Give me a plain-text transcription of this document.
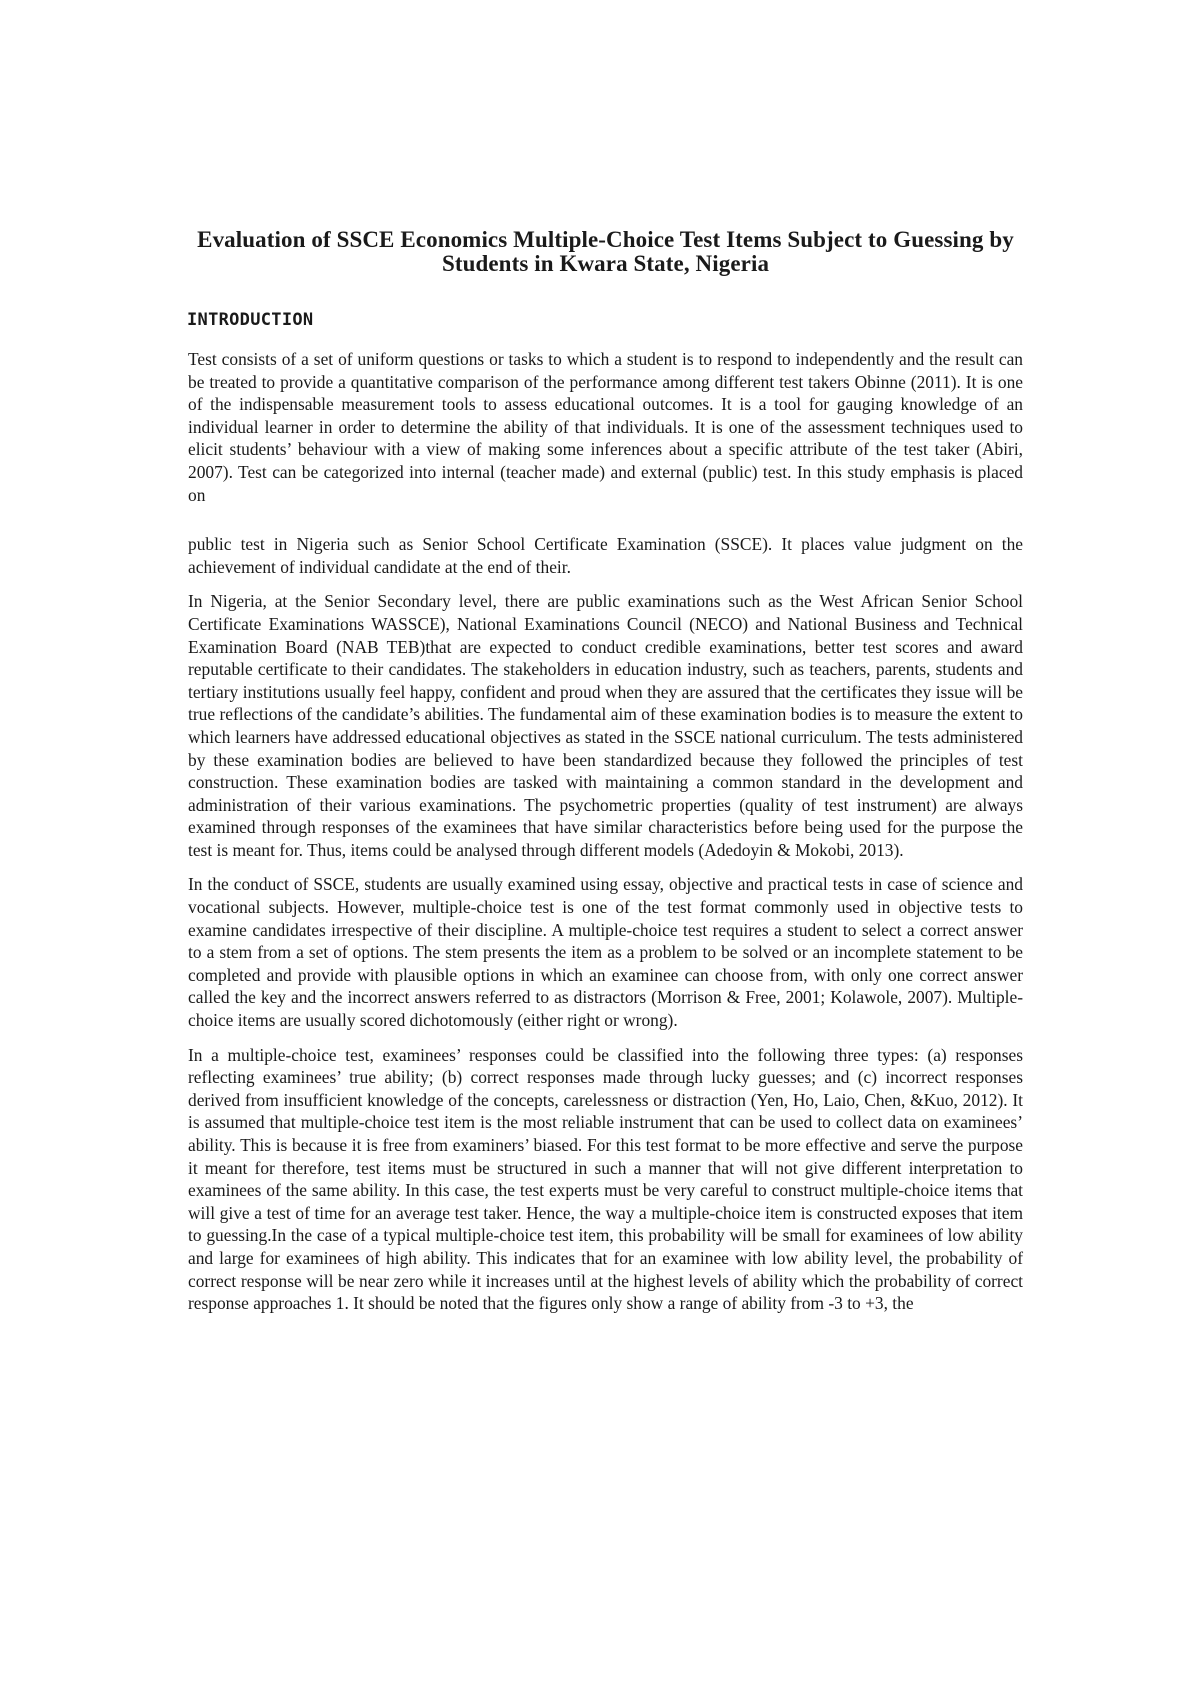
Evaluation of SSCE Economics Multiple-Choice Test Items Subject to Guessing by Students in Kwara State, Nigeria
INTRODUCTION

Test consists of a set of uniform questions or tasks to which a student is to respond to independently and the result can be treated to provide a quantitative comparison of the performance among different test takers Obinne (2011). It is one of the indispensable measurement tools to assess educational outcomes. It is a tool for gauging knowledge of an individual learner in order to determine the ability of that individuals. It is one of the assessment techniques used to elicit students’ behaviour with a view of making some inferences about a specific attribute of the test taker (Abiri, 2007). Test can be categorized into internal (teacher made) and external (public) test. In this study emphasis is placed on

public test in Nigeria such as Senior School Certificate Examination (SSCE). It places value judgment on the achievement of individual candidate at the end of their.

In Nigeria, at the Senior Secondary level, there are public examinations such as the West African Senior School Certificate Examinations WASSCE), National Examinations Council (NECO) and National Business and Technical Examination Board (NAB TEB)that are expected to conduct credible examinations, better test scores and award reputable certificate to their candidates. The stakeholders in education industry, such as teachers, parents, students and tertiary institutions usually feel happy, confident and proud when they are assured that the certificates they issue will be true reflections of the candidate’s abilities. The fundamental aim of these examination bodies is to measure the extent to which learners have addressed educational objectives as stated in the SSCE national curriculum. The tests administered by these examination bodies are believed to have been standardized because they followed the principles of test construction. These examination bodies are tasked with maintaining a common standard in the development and administration of their various examinations. The psychometric properties (quality of test instrument) are always examined through responses of the examinees that have similar characteristics before being used for the purpose the test is meant for. Thus, items could be analysed through different models (Adedoyin & Mokobi, 2013).

In the conduct of SSCE, students are usually examined using essay, objective and practical tests in case of science and vocational subjects. However, multiple-choice test is one of the test format commonly used in objective tests to examine candidates irrespective of their discipline. A multiple-choice test requires a student to select a correct answer to a stem from a set of options. The stem presents the item as a problem to be solved or an incomplete statement to be completed and provide with plausible options in which an examinee can choose from, with only one correct answer called the key and the incorrect answers referred to as distractors (Morrison & Free, 2001; Kolawole, 2007). Multiple-choice items are usually scored dichotomously (either right or wrong).

In a multiple-choice test, examinees’ responses could be classified into the following three types: (a) responses reflecting examinees’ true ability; (b) correct responses made through lucky guesses; and (c) incorrect responses derived from insufficient knowledge of the concepts, carelessness or distraction (Yen, Ho, Laio, Chen, &Kuo, 2012). It is assumed that multiple-choice test item is the most reliable instrument that can be used to collect data on examinees’ ability. This is because it is free from examiners’ biased. For this test format to be more effective and serve the purpose it meant for therefore, test items must be structured in such a manner that will not give different interpretation to examinees of the same ability. In this case, the test experts must be very careful to construct multiple-choice items that will give a test of time for an average test taker. Hence, the way a multiple-choice item is constructed exposes that item to guessing.In the case of a typical multiple-choice test item, this probability will be small for examinees of low ability and large for examinees of high ability. This indicates that for an examinee with low ability level, the probability of correct response will be near zero while it increases until at the highest levels of ability which the probability of correct response approaches 1. It should be noted that the figures only show a range of ability from -3 to +3, the
